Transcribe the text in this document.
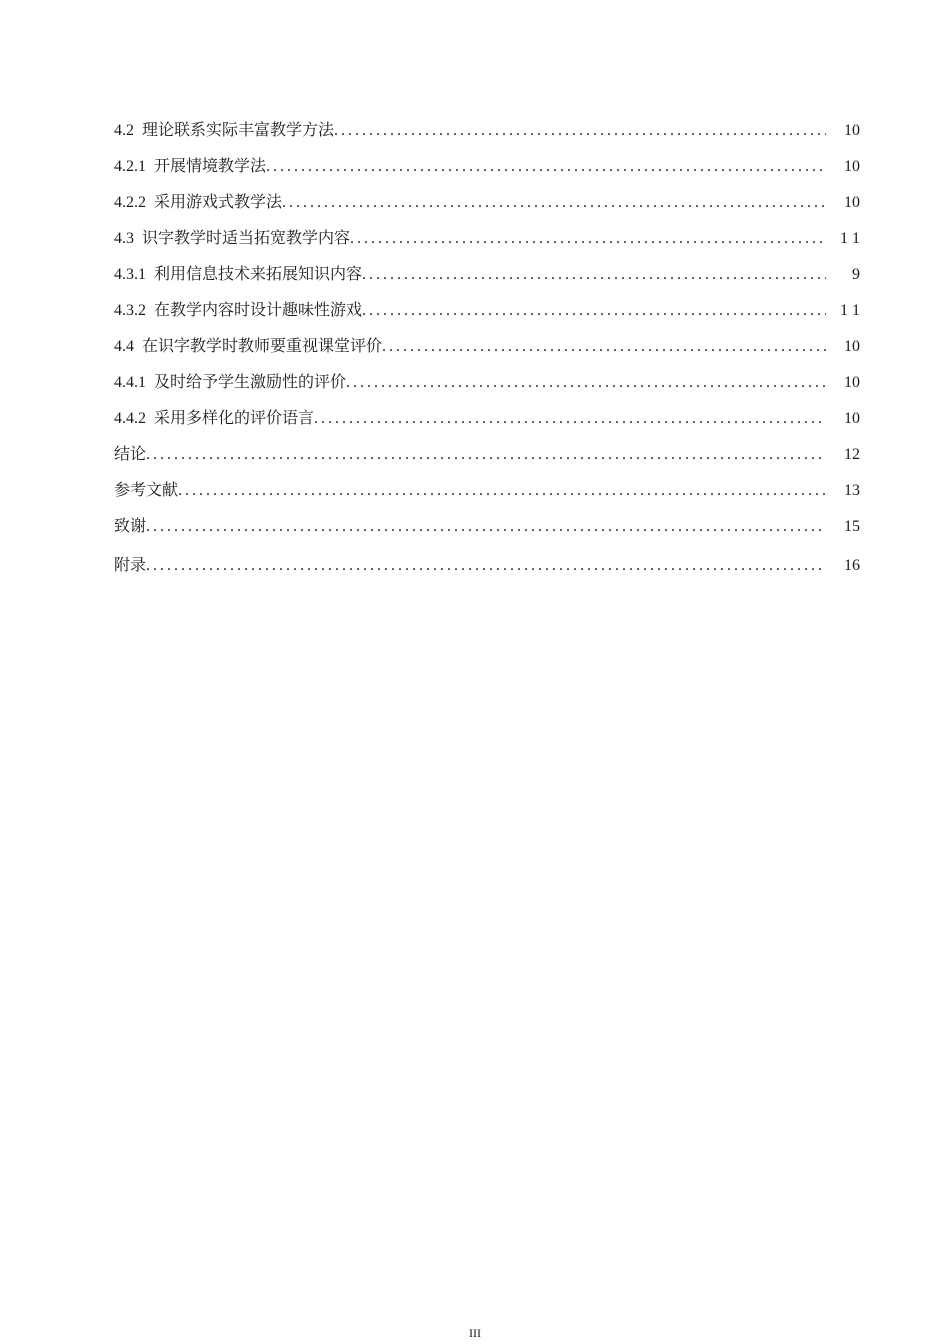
4.2 理论联系实际丰富教学方法 .....	10
4.2.1 开展情境教学法 .....	10
4.2.2 采用游戏式教学法 .....	10
4.3 识字教学时适当拓宽教学内容 .....	1 1
4.3.1 利用信息技术来拓展知识内容 .....	9
4.3.2 在教学内容时设计趣味性游戏 .....	1 1
4.4 在识字教学时教师要重视课堂评价 .....	10
4.4.1 及时给予学生激励性的评价 .....	10
4.4.2 采用多样化的评价语言 .....	10
结论 .....	12
参考文献 .....	13
致谢 .....	15
附录 .....	16
III
